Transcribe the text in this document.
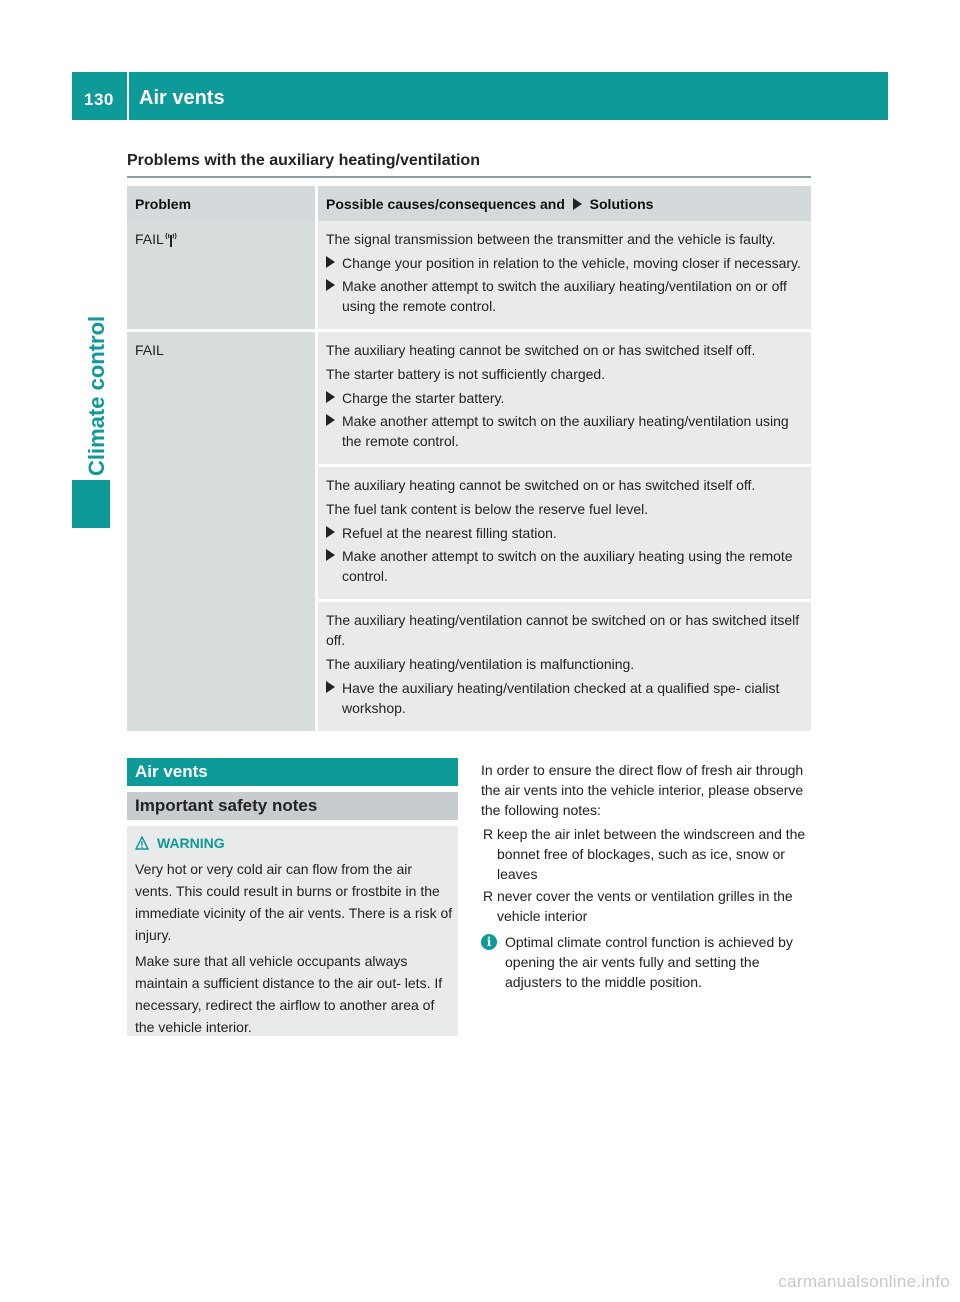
130 Air vents
Climate control
Problems with the auxiliary heating/ventilation
Problem	Possible causes/consequences and Solutions
FAIL	The signal transmission between the transmitter and the vehicle is faulty.

Change your position in relation to the vehicle, moving closer if necessary.
Make another attempt to switch the auxiliary heating/ventilation on or off using the remote control.

FAIL	The auxiliary heating cannot be switched on or has switched itself off.

The starter battery is not sufficiently charged.

Charge the starter battery.
Make another attempt to switch on the auxiliary heating/ventilation using the remote control.

	The auxiliary heating cannot be switched on or has switched itself off.

The fuel tank content is below the reserve fuel level.

Refuel at the nearest filling station.
Make another attempt to switch on the auxiliary heating using the remote control.

	The auxiliary heating/ventilation cannot be switched on or has switched itself off.

The auxiliary heating/ventilation is malfunctioning.

Have the auxiliary heating/ventilation checked at a qualified spe- cialist workshop.
Air vents
Important safety notes
WARNING

Very hot or very cold air can flow from the air vents. This could result in burns or frostbite in the immediate vicinity of the air vents. There is a risk of injury.

Make sure that all vehicle occupants always maintain a sufficient distance to the air out- lets. If necessary, redirect the airflow to another area of the vehicle interior.

In order to ensure the direct flow of fresh air through the air vents into the vehicle interior, please observe the following notes:

R keep the air inlet between the windscreen and the bonnet free of blockages, such as ice, snow or leaves
R never cover the vents or ventilation grilles in the vehicle interior
i Optimal climate control function is achieved by opening the air vents fully and setting the adjusters to the middle position.
carmanualsonline.info
